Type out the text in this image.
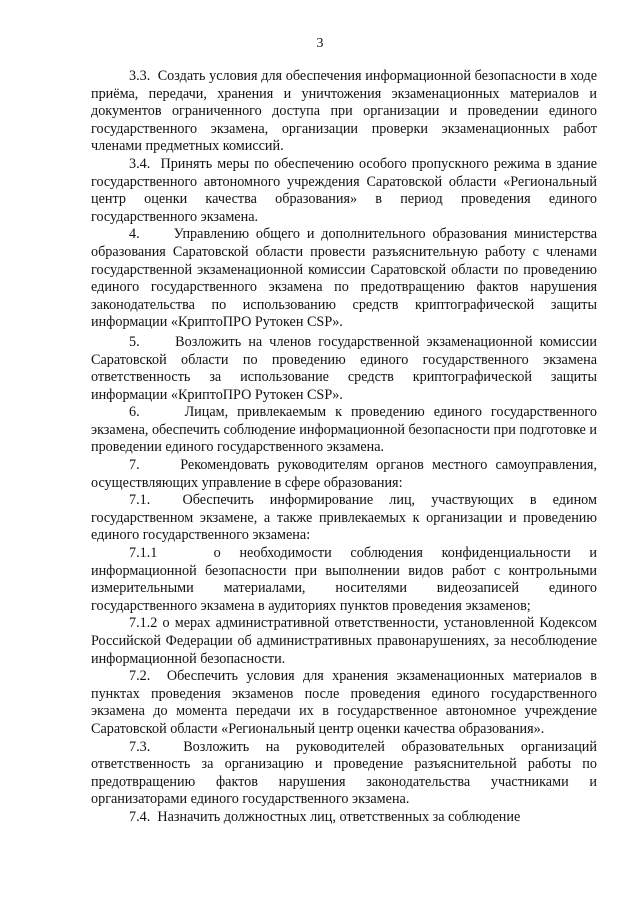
3

3.3.  Создать условия для обеспечения информационной безопасности в ходе приёма, передачи, хранения и уничтожения экзаменационных материалов и документов ограниченного доступа при организации и проведении единого государственного экзамена, организации проверки экзаменационных работ членами предметных комиссий.

3.4.  Принять меры по обеспечению особого пропускного режима в здание государственного автономного учреждения Саратовской области «Региональный центр оценки качества образования» в период проведения единого государственного экзамена.

4.     Управлению общего и дополнительного образования министерства образования Саратовской области провести разъяснительную работу с членами государственной экзаменационной комиссии Саратовской области по проведению единого государственного экзамена по предотвращению фактов нарушения законодательства по использованию средств криптографической защиты информации «КриптоПРО Рутокен CSP».

5.     Возложить на членов государственной экзаменационной комиссии Саратовской области по проведению единого государственного экзамена ответственность за использование средств криптографической защиты информации «КриптоПРО Рутокен CSP».

6.     Лицам, привлекаемым к проведению единого государственного экзамена, обеспечить соблюдение информационной безопасности при подготовке и проведении единого государственного экзамена.

7.     Рекомендовать руководителям органов местного самоуправления, осуществляющих управление в сфере образования:

7.1.  Обеспечить информирование лиц, участвующих в едином государственном экзамене, а также привлекаемых к организации и проведению единого государственного экзамена:

7.1.1   о необходимости соблюдения конфиденциальности и информационной безопасности при выполнении видов работ с контрольными измерительными материалами, носителями видеозаписей единого государственного экзамена в аудиториях пунктов проведения экзаменов;

7.1.2 о мерах административной ответственности, установленной Кодексом Российской Федерации об административных правонарушениях, за несоблюдение информационной безопасности.

7.2.  Обеспечить условия для хранения экзаменационных материалов в пунктах проведения экзаменов после проведения единого государственного экзамена до момента передачи их в государственное автономное учреждение Саратовской области «Региональный центр оценки качества образования».

7.3.  Возложить на руководителей образовательных организаций ответственность за организацию и проведение разъяснительной работы по предотвращению фактов нарушения законодательства участниками и организаторами единого государственного экзамена.

7.4.  Назначить должностных лиц, ответственных за соблюдение
